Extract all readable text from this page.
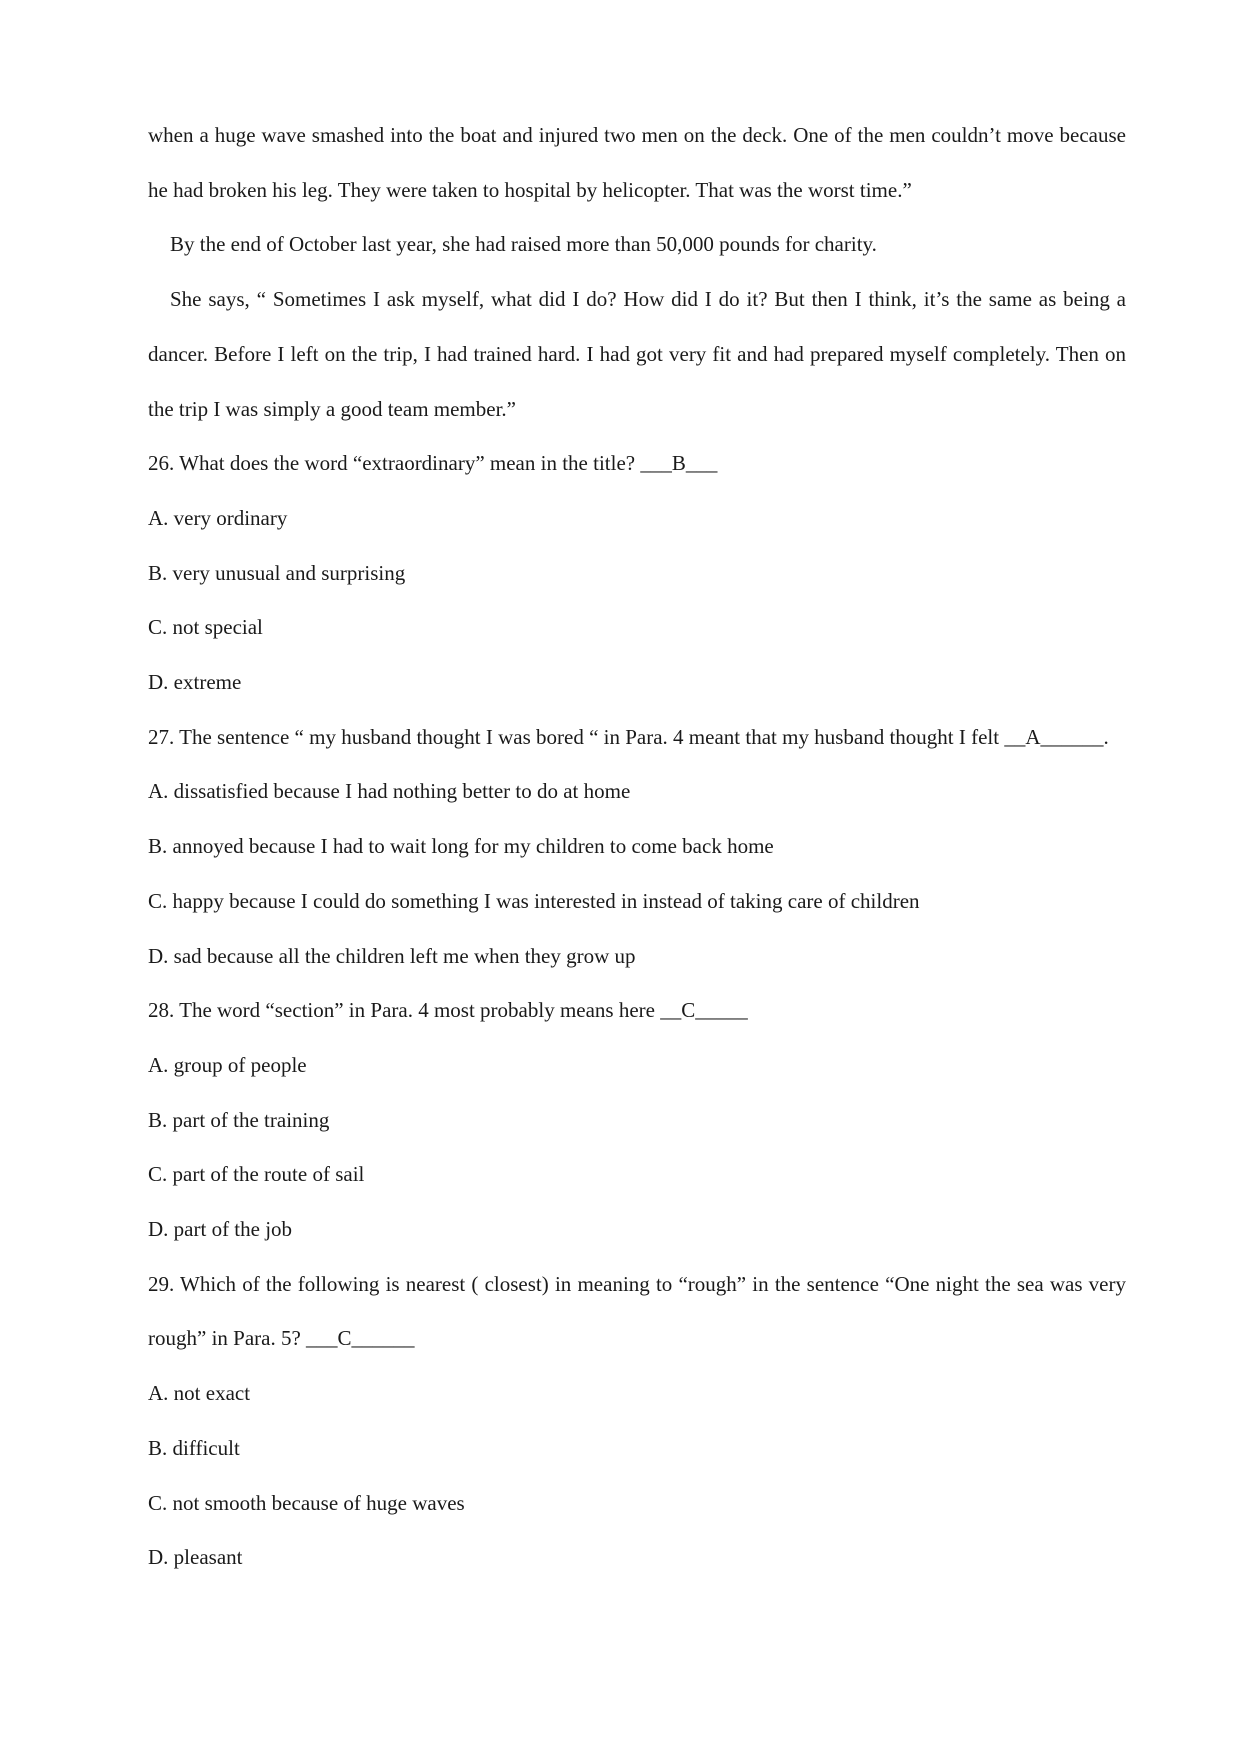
when a huge wave smashed into the boat and injured two men on the deck. One of the men couldn’t move because he had broken his leg. They were taken to hospital by helicopter. That was the worst time.”

By the end of October last year, she had raised more than 50,000 pounds for charity.

She says, “ Sometimes I ask myself, what did I do? How did I do it? But then I think, it’s the same as being a dancer. Before I left on the trip, I had trained hard. I had got very fit and had prepared myself completely. Then on the trip I was simply a good team member.”

26. What does the word “extraordinary” mean in the title? ___B___

A. very ordinary

B. very unusual and surprising

C. not special

D. extreme

27. The sentence “ my husband thought I was bored “ in Para. 4 meant that my husband thought I felt __A______.

A. dissatisfied because I had nothing better to do at home

B. annoyed because I had to wait long for my children to come back home

C. happy because I could do something I was interested in instead of taking care of children

D. sad because all the children left me when they grow up

28. The word “section” in Para. 4 most probably means here __C_____

A. group of people

B. part of the training

C. part of the route of sail

D. part of the job

29. Which of the following is nearest ( closest) in meaning to “rough” in the sentence “One night the sea was very rough” in Para. 5? ___C______

A. not exact

B. difficult

C. not smooth because of huge waves

D. pleasant
